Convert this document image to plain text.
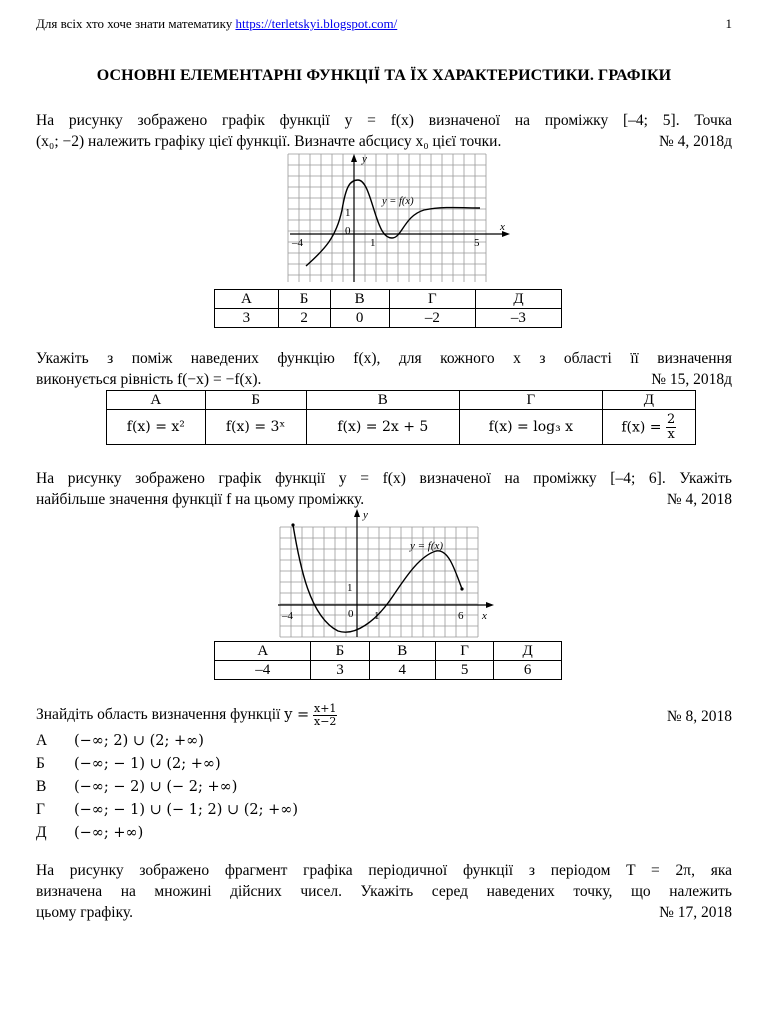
Для всіх хто хоче знати математику https://terletskyi.blogspot.com/	1
ОСНОВНІ ЕЛЕМЕНТАРНІ ФУНКЦІЇ ТА ЇХ ХАРАКТЕРИСТИКИ. ГРАФІКИ
На рисунку зображено графік функції y = f(x) визначеної на проміжку [–4; 5]. Точка
(x₀; −2) належить графіку цієї функції. Визначте абсцису x₀ цієї точки.	№ 4, 2018д
y
x
y = f(x)
–4
0
1
1
5
А	Б	В	Г	Д
3	2	0	–2	–3
Укажіть з поміж наведених функцію f(x), для кожного x з області її визначення
виконується рівність f(−x) = −f(x).	№ 15, 2018д
А	Б	В	Г	Д
f(x) = x²	f(x) = 3ˣ	f(x) = 2x + 5	f(x) = log₃ x	$f(x) = \frac{2}{x}$
На рисунку зображено графік функції y = f(x) визначеної на проміжку [–4; 6]. Укажіть
найбільше значення функції f на цьому проміжку.	№ 4, 2018
y
x
y = f(x)
–4	0 1
1
6
А	Б	В	Г	Д
–4	3	4	5	6
Знайдіть область визначення функції $y = \frac{x+1}{x-2}$	№ 8, 2018
А (−∞; 2) ∪ (2; +∞)
Б (−∞; − 1) ∪ (2; +∞)
В (−∞; − 2) ∪ (− 2; +∞)
Г (−∞; − 1) ∪ (− 1; 2) ∪ (2; +∞)
Д (−∞; +∞)
На рисунку зображено фрагмент графіка періодичної функції з періодом T = 2π, яка
визначена на множині дійсних чисел. Укажіть серед наведених точку, що належить
цьому графіку.	№ 17, 2018
